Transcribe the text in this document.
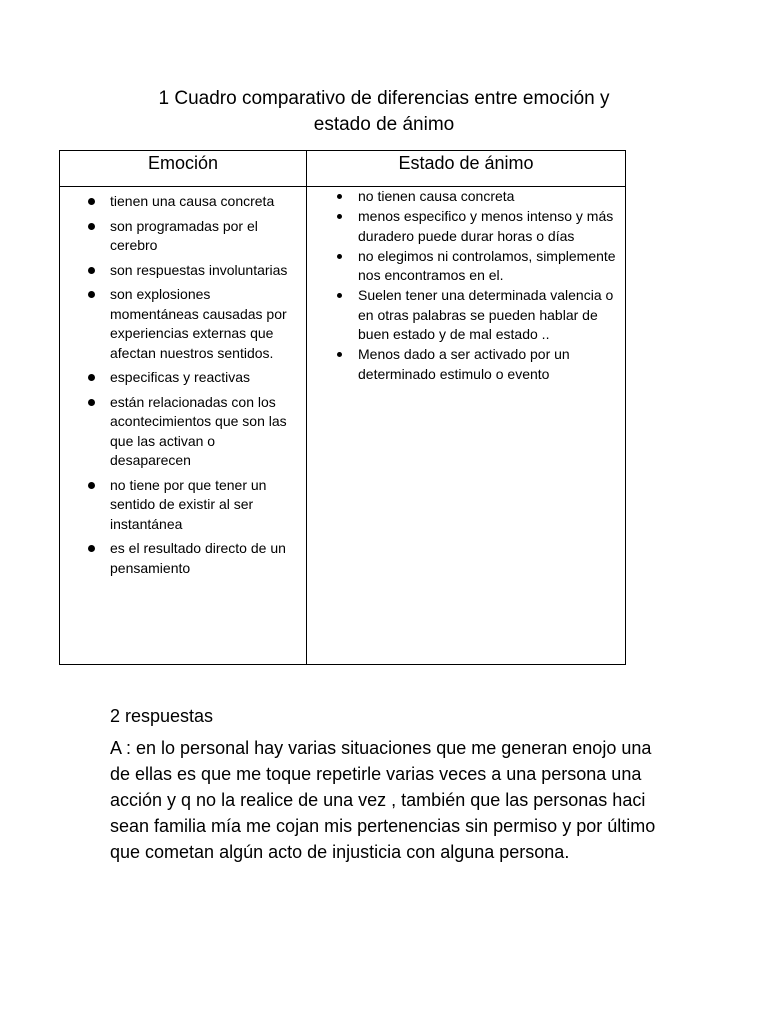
1 Cuadro comparativo de diferencias entre emoción y
estado de ánimo
Emoción	Estado de ánimo
tienen una causa concreta
son programadas por el cerebro
son respuestas involuntarias
son explosiones momentáneas causadas por experiencias externas que afectan nuestros sentidos.
especificas y reactivas
están relacionadas con los acontecimientos que son las que las activan o desaparecen
no tiene por que tener un sentido de existir al ser instantánea
es el resultado directo de un pensamiento
no tienen causa concreta
menos especifico y menos intenso y más duradero puede durar horas o días
no elegimos ni controlamos, simplemente nos encontramos en el.
Suelen tener una determinada valencia o en otras palabras se pueden hablar de buen estado y de mal estado ..
Menos dado a ser activado por un determinado estimulo o evento
2 respuestas
A : en lo personal hay varias situaciones que me generan enojo una de ellas es que me toque repetirle varias veces a una persona una acción y q no la realice de una vez , también que las personas haci sean familia mía me cojan mis pertenencias sin permiso y por último que cometan algún acto de injusticia con alguna persona.
